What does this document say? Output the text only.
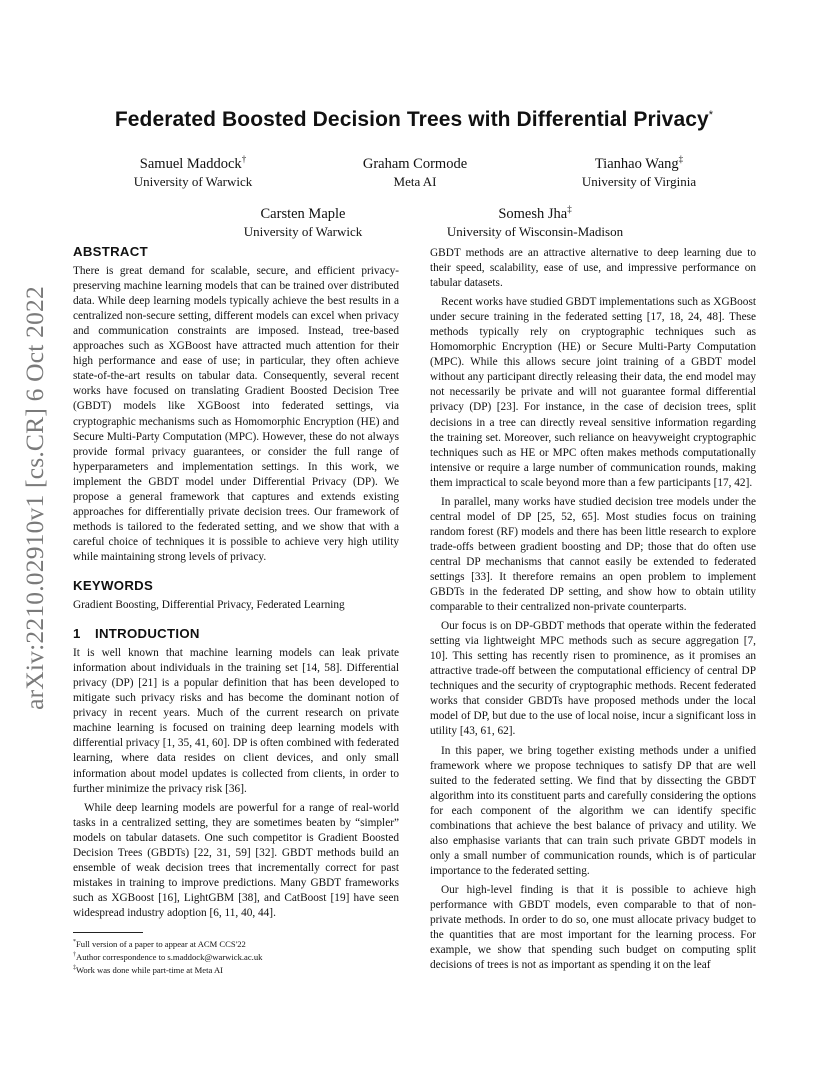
arXiv:2210.02910v1 [cs.CR] 6 Oct 2022
Federated Boosted Decision Trees with Differential Privacy*
Samuel Maddock†
University of Warwick
Graham Cormode
Meta AI
Tianhao Wang‡
University of Virginia
Carsten Maple
University of Warwick
Somesh Jha‡
University of Wisconsin-Madison
ABSTRACT

There is great demand for scalable, secure, and efficient privacy-preserving machine learning models that can be trained over distributed data. While deep learning models typically achieve the best results in a centralized non-secure setting, different models can excel when privacy and communication constraints are imposed. Instead, tree-based approaches such as XGBoost have attracted much attention for their high performance and ease of use; in particular, they often achieve state-of-the-art results on tabular data. Consequently, several recent works have focused on translating Gradient Boosted Decision Tree (GBDT) models like XGBoost into federated settings, via cryptographic mechanisms such as Homomorphic Encryption (HE) and Secure Multi-Party Computation (MPC). However, these do not always provide formal privacy guarantees, or consider the full range of hyperparameters and implementation settings. In this work, we implement the GBDT model under Differential Privacy (DP). We propose a general framework that captures and extends existing approaches for differentially private decision trees. Our framework of methods is tailored to the federated setting, and we show that with a careful choice of techniques it is possible to achieve very high utility while maintaining strong levels of privacy.

KEYWORDS

Gradient Boosting, Differential Privacy, Federated Learning

1 INTRODUCTION

It is well known that machine learning models can leak private information about individuals in the training set [14, 58]. Differential privacy (DP) [21] is a popular definition that has been developed to mitigate such privacy risks and has become the dominant notion of privacy in recent years. Much of the current research on private machine learning is focused on training deep learning models with differential privacy [1, 35, 41, 60]. DP is often combined with federated learning, where data resides on client devices, and only small information about model updates is collected from clients, in order to further minimize the privacy risk [36].

While deep learning models are powerful for a range of real-world tasks in a centralized setting, they are sometimes beaten by “simpler” models on tabular datasets. One such competitor is Gradient Boosted Decision Trees (GBDTs) [22, 31, 59] [32]. GBDT methods build an ensemble of weak decision trees that incrementally correct for past mistakes in training to improve predictions. Many GBDT frameworks such as XGBoost [16], LightGBM [38], and CatBoost [19] have seen widespread industry adoption [6, 11, 40, 44].

*Full version of a paper to appear at ACM CCS'22
†Author correspondence to s.maddock@warwick.ac.uk
‡Work was done while part-time at Meta AI

GBDT methods are an attractive alternative to deep learning due to their speed, scalability, ease of use, and impressive performance on tabular datasets.

Recent works have studied GBDT implementations such as XGBoost under secure training in the federated setting [17, 18, 24, 48]. These methods typically rely on cryptographic techniques such as Homomorphic Encryption (HE) or Secure Multi-Party Computation (MPC). While this allows secure joint training of a GBDT model without any participant directly releasing their data, the end model may not necessarily be private and will not guarantee formal differential privacy (DP) [23]. For instance, in the case of decision trees, split decisions in a tree can directly reveal sensitive information regarding the training set. Moreover, such reliance on heavyweight cryptographic techniques such as HE or MPC often makes methods computationally intensive or require a large number of communication rounds, making them impractical to scale beyond more than a few participants [17, 42].

In parallel, many works have studied decision tree models under the central model of DP [25, 52, 65]. Most studies focus on training random forest (RF) models and there has been little research to explore trade-offs between gradient boosting and DP; those that do often use central DP mechanisms that cannot easily be extended to federated settings [33]. It therefore remains an open problem to implement GBDTs in the federated DP setting, and show how to obtain utility comparable to their centralized non-private counterparts.

Our focus is on DP-GBDT methods that operate within the federated setting via lightweight MPC methods such as secure aggregation [7, 10]. This setting has recently risen to prominence, as it promises an attractive trade-off between the computational efficiency of central DP techniques and the security of cryptographic methods. Recent federated works that consider GBDTs have proposed methods under the local model of DP, but due to the use of local noise, incur a significant loss in utility [43, 61, 62].

In this paper, we bring together existing methods under a unified framework where we propose techniques to satisfy DP that are well suited to the federated setting. We find that by dissecting the GBDT algorithm into its constituent parts and carefully considering the options for each component of the algorithm we can identify specific combinations that achieve the best balance of privacy and utility. We also emphasise variants that can train such private GBDT models in only a small number of communication rounds, which is of particular importance to the federated setting.

Our high-level finding is that it is possible to achieve high performance with GBDT models, even comparable to that of non-private methods. In order to do so, one must allocate privacy budget to the quantities that are most important for the learning process. For example, we show that spending such budget on computing split decisions of trees is not as important as spending it on the leaf
